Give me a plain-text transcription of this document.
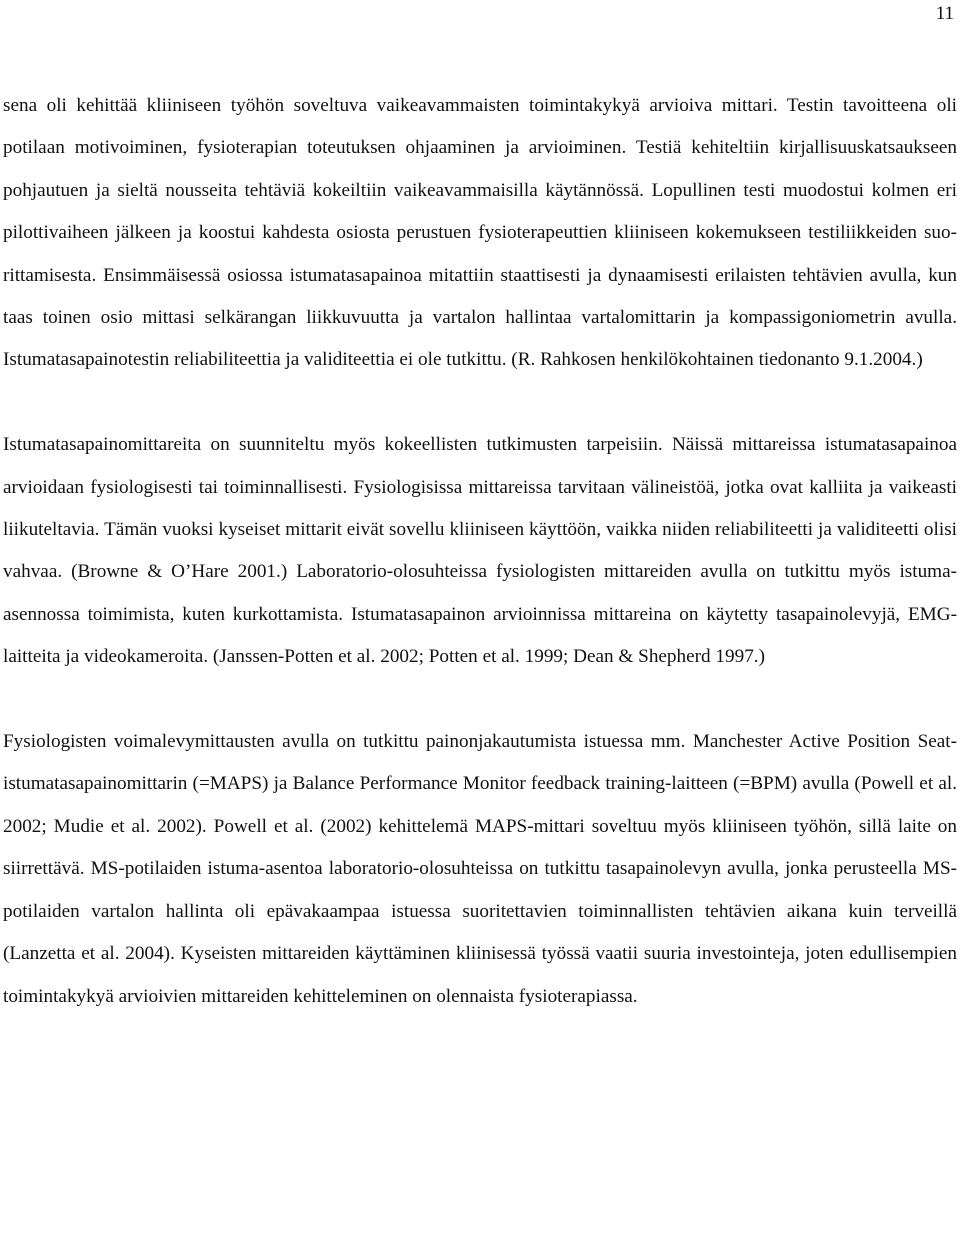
11

sena oli kehittää kliiniseen työhön soveltuva vaikeavammaisten toimintakykyä arvioiva mittari. Testin tavoitteena oli potilaan motivoiminen, fysioterapian toteutuksen ohjaaminen ja arvioiminen. Testiä kehiteltiin kirjallisuuskatsaukseen pohjautuen ja sieltä nousseita tehtäviä kokeiltiin vaikeavammaisilla käytännössä. Lopullinen testi muodostui kolmen eri pilottivaiheen jälkeen ja koostui kahdesta osiosta perustuen fysioterapeuttien kliiniseen kokemukseen testiliikkeiden suorittamisesta. Ensimmäisessä osiossa istumatasapainoa mitattiin staattisesti ja dynaamisesti erilaisten tehtävien avulla, kun taas toinen osio mittasi selkärangan liikkuvuutta ja vartalon hallintaa vartalomittarin ja kompassigoniometrin avulla. Istumatasapainotestin reliabiliteettia ja validiteettia ei ole tutkittu. (R. Rahkosen henkilökohtainen tiedonanto 9.1.2004.)

Istumatasapainomittareita on suunniteltu myös kokeellisten tutkimusten tarpeisiin. Näissä mittareissa istumatasapainoa arvioidaan fysiologisesti tai toiminnallisesti. Fysiologisissa mittareissa tarvitaan välineistöä, jotka ovat kalliita ja vaikeasti liikuteltavia. Tämän vuoksi kyseiset mittarit eivät sovellu kliiniseen käyttöön, vaikka niiden reliabiliteetti ja validiteetti olisi vahvaa. (Browne & O’Hare 2001.) Laboratorio-olosuhteissa fysiologisten mittareiden avulla on tutkittu myös istuma-asennossa toimimista, kuten kurkottamista. Istumatasapainon arvioinnissa mittareina on käytetty tasapainolevyjä, EMG-laitteita ja videokameroita. (Janssen-Potten et al. 2002; Potten et al. 1999; Dean & Shepherd 1997.)

Fysiologisten voimalevymittausten avulla on tutkittu painonjakautumista istuessa mm. Manchester Active Position Seat-istumatasapainomittarin (=MAPS) ja Balance Performance Monitor feedback training-laitteen (=BPM) avulla (Powell et al. 2002; Mudie et al. 2002). Powell et al. (2002) kehittelemä MAPS-mittari soveltuu myös kliiniseen työhön, sillä laite on siirrettävä. MS-potilaiden istuma-asentoa laboratorio-olosuhteissa on tutkittu tasapainolevyn avulla, jonka perusteella MS-potilaiden vartalon hallinta oli epävakaampaa istuessa suoritettavien toiminnallisten tehtävien aikana kuin terveillä (Lanzetta et al. 2004). Kyseisten mittareiden käyttäminen kliinisessä työssä vaatii suuria investointeja, joten edullisempien toimintakykyä arvioivien mittareiden kehitteleminen on olennaista fysioterapiassa.
